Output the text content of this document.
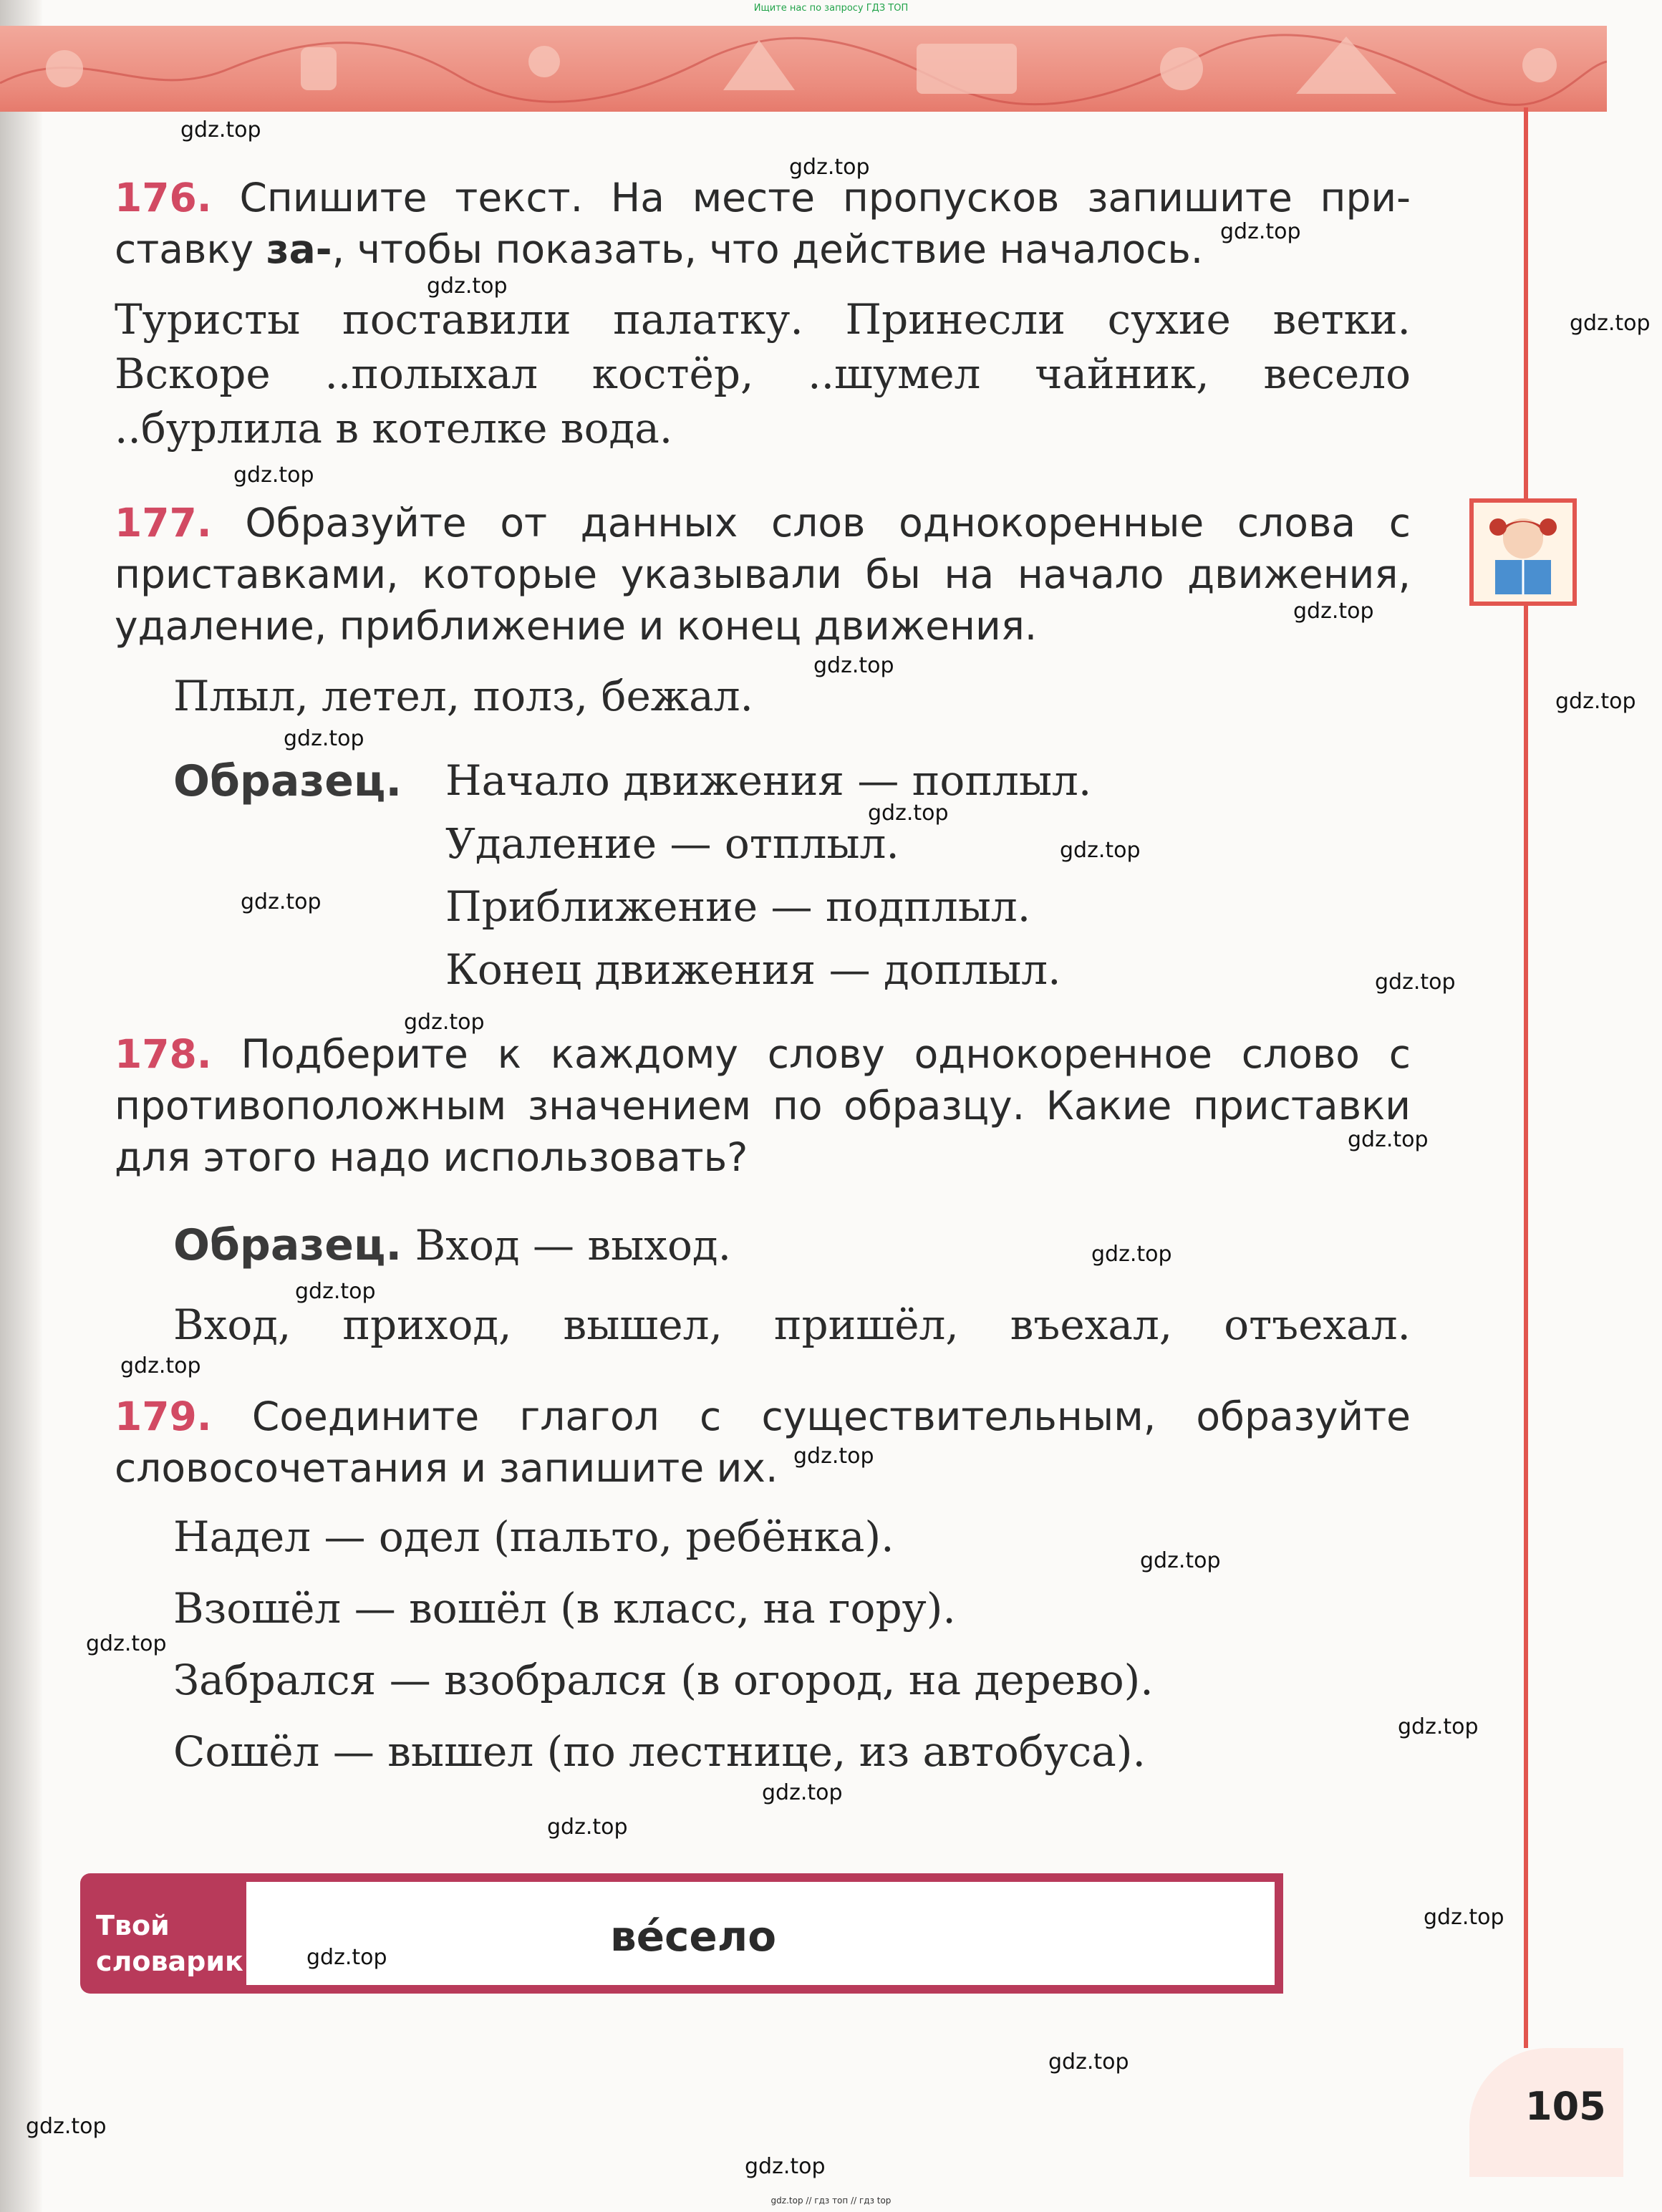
Ищите нас по запросу ГДЗ ТОП
176. Спишите текст. На месте пропусков запишите при-ставку за-, чтобы показать, что действие началось.
Туристы поставили палатку. Принесли сухие ветки. Вскоре ..полыхал костёр, ..шумел чайник, весело ..бурлила в котелке вода.
177. Образуйте от данных слов однокоренные слова с приставками, которые указывали бы на начало движения, удаление, приближение и конец движения.
Плыл, летел, полз, бежал.
Образец. Начало движения — поплыл.
Удаление — отплыл.
Приближение — подплыл.
Конец движения — доплыл.
178. Подберите к каждому слову однокоренное слово с противоположным значением по образцу. Какие приставки для этого надо использовать?
Образец. Вход — выход.
Вход, приход, вышел, пришёл, въехал, отъехал.
179. Соедините глагол с существительным, образуйте словосочетания и запишите их.
Надел — одел (пальто, ребёнка).
Взошёл — вошёл (в класс, на гору).
Забрался — взобрался (в огород, на дерево).
Сошёл — вышел (по лестнице, из автобуса).
Твой
словарик
ве́село
105
gdz.top // гдз топ // гдз top
gdz.top
gdz.top
gdz.top
gdz.top
gdz.top
gdz.top
gdz.top
gdz.top
gdz.top
gdz.top
gdz.top
gdz.top
gdz.top
gdz.top
gdz.top
gdz.top
gdz.top
gdz.top
gdz.top
gdz.top
gdz.top
gdz.top
gdz.top
gdz.top
gdz.top
gdz.top
gdz.top
gdz.top
gdz.top
gdz.top
